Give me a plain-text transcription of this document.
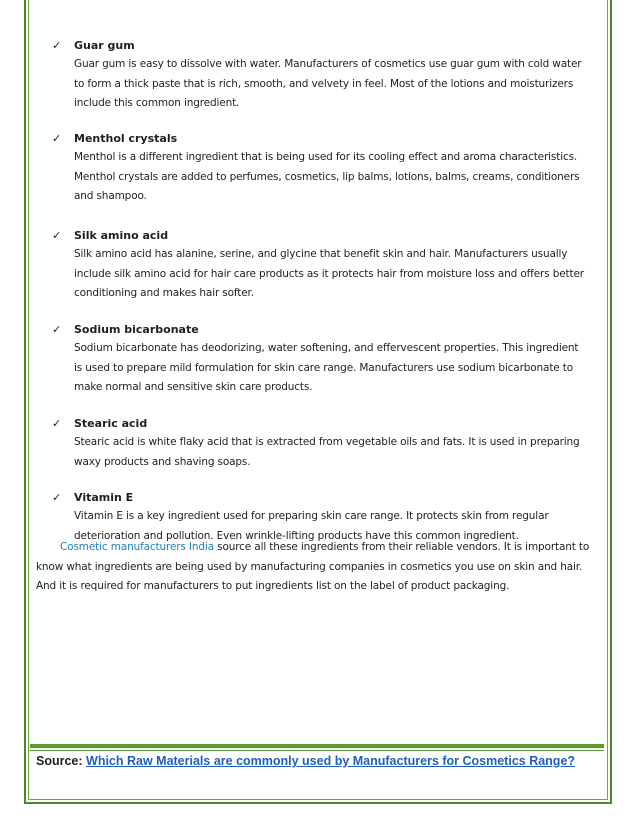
✓ Guar gum
Guar gum is easy to dissolve with water. Manufacturers of cosmetics use guar gum with cold water
to form a thick paste that is rich, smooth, and velvety in feel. Most of the lotions and moisturizers
include this common ingredient.
✓ Menthol crystals
Menthol is a different ingredient that is being used for its cooling effect and aroma characteristics.
Menthol crystals are added to perfumes, cosmetics, lip balms, lotions, balms, creams, conditioners
and shampoo.
✓ Silk amino acid
Silk amino acid has alanine, serine, and glycine that benefit skin and hair. Manufacturers usually
include silk amino acid for hair care products as it protects hair from moisture loss and offers better
conditioning and makes hair softer.
✓ Sodium bicarbonate
Sodium bicarbonate has deodorizing, water softening, and effervescent properties. This ingredient
is used to prepare mild formulation for skin care range. Manufacturers use sodium bicarbonate to
make normal and sensitive skin care products.
✓ Stearic acid
Stearic acid is white flaky acid that is extracted from vegetable oils and fats. It is used in preparing
waxy products and shaving soaps.
✓ Vitamin E
Vitamin E is a key ingredient used for preparing skin care range. It protects skin from regular
deterioration and pollution. Even wrinkle-lifting products have this common ingredient.
Cosmetic manufacturers India source all these ingredients from their reliable vendors. It is important to
know what ingredients are being used by manufacturing companies in cosmetics you use on skin and hair.
And it is required for manufacturers to put ingredients list on the label of product packaging.
Source: Which Raw Materials are commonly used by Manufacturers for Cosmetics Range?
